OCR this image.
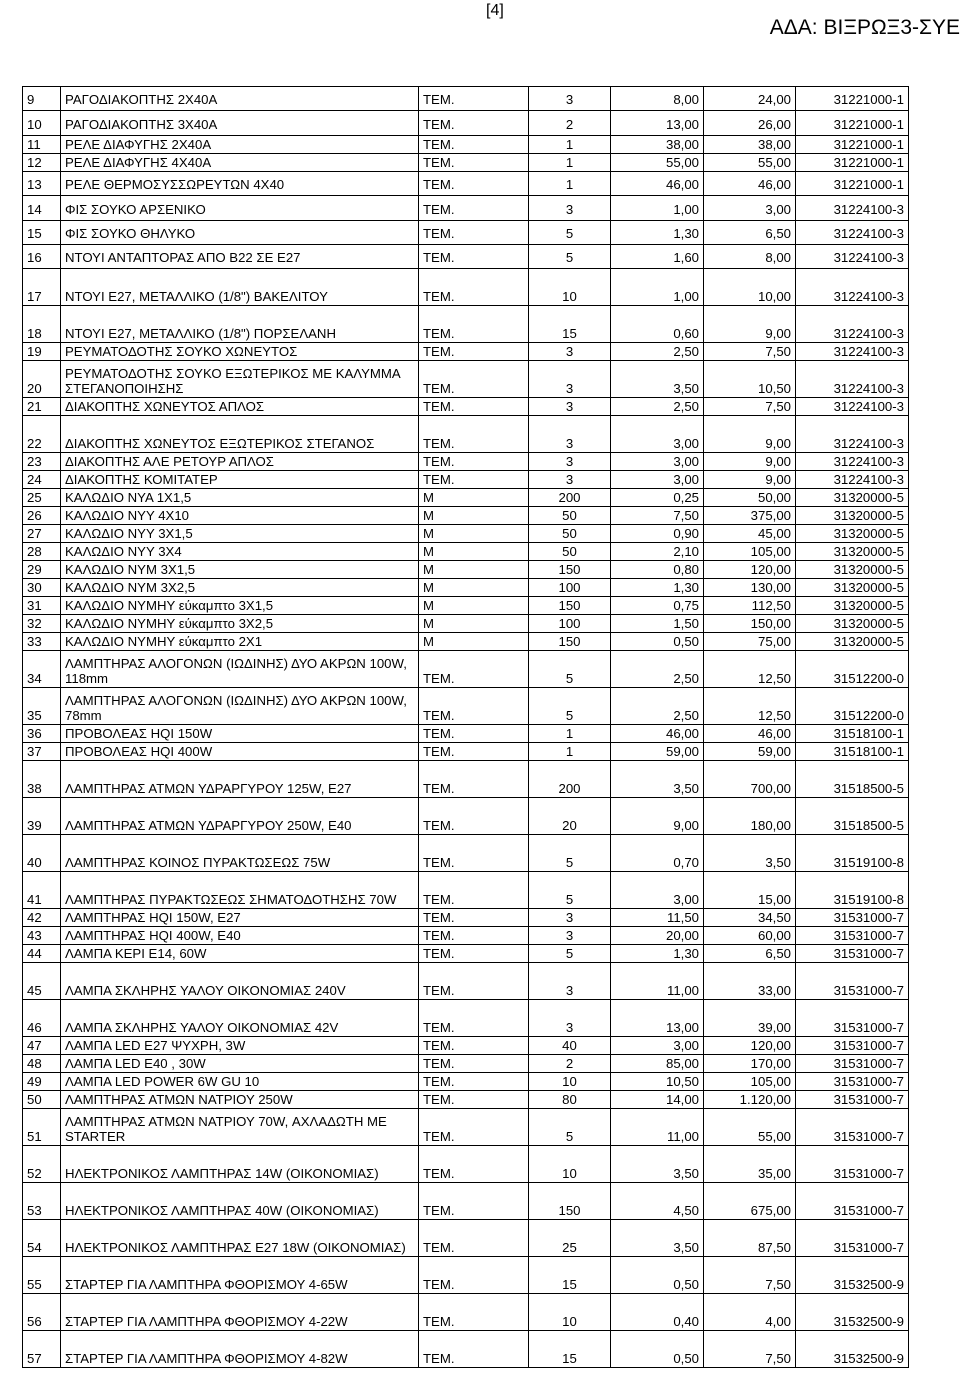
[4]
ΑΔΑ: ΒΙΞΡΩΞ3-ΣΥΕ
9	ΡΑΓΟΔΙΑΚΟΠΤΗΣ 2Χ40Α	ΤΕΜ.	3	8,00	24,00	31221000-1
10	ΡΑΓΟΔΙΑΚΟΠΤΗΣ 3Χ40Α	ΤΕΜ.	2	13,00	26,00	31221000-1
11	ΡΕΛΕ ΔΙΑΦΥΓΗΣ 2Χ40Α	ΤΕΜ.	1	38,00	38,00	31221000-1
12	ΡΕΛΕ ΔΙΑΦΥΓΗΣ 4Χ40Α	ΤΕΜ.	1	55,00	55,00	31221000-1
13	ΡΕΛΕ ΘΕΡΜΟΣΥΣΣΩΡΕΥΤΩΝ 4Χ40	ΤΕΜ.	1	46,00	46,00	31221000-1
14	ΦΙΣ ΣΟΥΚΟ ΑΡΣΕΝΙΚΟ	ΤΕΜ.	3	1,00	3,00	31224100-3
15	ΦΙΣ ΣΟΥΚΟ ΘΗΛΥΚΟ	ΤΕΜ.	5	1,30	6,50	31224100-3
16	ΝΤΟΥΙ ΑΝΤΑΠΤΟΡΑΣ ΑΠΟ Β22 ΣΕ Ε27	ΤΕΜ.	5	1,60	8,00	31224100-3
17	ΝΤΟΥΙ Ε27, ΜΕΤΑΛΛΙΚΟ (1/8") ΒΑΚΕΛΙΤΟΥ	ΤΕΜ.	10	1,00	10,00	31224100-3
18	ΝΤΟΥΙ Ε27, ΜΕΤΑΛΛΙΚΟ (1/8") ΠΟΡΣΕΛΑΝΗ	ΤΕΜ.	15	0,60	9,00	31224100-3
19	ΡΕΥΜΑΤΟΔΟΤΗΣ ΣΟΥΚΟ ΧΩΝΕΥΤΟΣ	ΤΕΜ.	3	2,50	7,50	31224100-3
20	ΡΕΥΜΑΤΟΔΟΤΗΣ ΣΟΥΚΟ ΕΞΩΤΕΡΙΚΟΣ ΜΕ ΚΑΛΥΜΜΑ ΣΤΕΓΑΝΟΠΟΙΗΣΗΣ	ΤΕΜ.	3	3,50	10,50	31224100-3
21	ΔΙΑΚΟΠΤΗΣ ΧΩΝΕΥΤΟΣ ΑΠΛΟΣ	ΤΕΜ.	3	2,50	7,50	31224100-3
22	ΔΙΑΚΟΠΤΗΣ ΧΩΝΕΥΤΟΣ ΕΞΩΤΕΡΙΚΟΣ ΣΤΕΓΑΝΟΣ	ΤΕΜ.	3	3,00	9,00	31224100-3
23	ΔΙΑΚΟΠΤΗΣ ΑΛΕ ΡΕΤΟΥΡ ΑΠΛΟΣ	ΤΕΜ.	3	3,00	9,00	31224100-3
24	ΔΙΑΚΟΠΤΗΣ ΚΟΜΙΤΑΤΕΡ	ΤΕΜ.	3	3,00	9,00	31224100-3
25	ΚΑΛΩΔΙΟ ΝΥΑ 1Χ1,5	Μ	200	0,25	50,00	31320000-5
26	ΚΑΛΩΔΙΟ ΝΥΥ 4Χ10	Μ	50	7,50	375,00	31320000-5
27	ΚΑΛΩΔΙΟ ΝΥΥ 3Χ1,5	Μ	50	0,90	45,00	31320000-5
28	ΚΑΛΩΔΙΟ ΝΥΥ 3Χ4	Μ	50	2,10	105,00	31320000-5
29	ΚΑΛΩΔΙΟ ΝΥΜ 3Χ1,5	Μ	150	0,80	120,00	31320000-5
30	ΚΑΛΩΔΙΟ ΝΥΜ 3Χ2,5	Μ	100	1,30	130,00	31320000-5
31	ΚΑΛΩΔΙΟ ΝΥΜΗΥ εύκαμπτο 3Χ1,5	Μ	150	0,75	112,50	31320000-5
32	ΚΑΛΩΔΙΟ ΝΥΜΗΥ εύκαμπτο 3Χ2,5	Μ	100	1,50	150,00	31320000-5
33	ΚΑΛΩΔΙΟ ΝΥΜΗΥ εύκαμπτο 2Χ1	Μ	150	0,50	75,00	31320000-5
34	ΛΑΜΠΤΗΡΑΣ ΑΛΟΓΟΝΩΝ (ΙΩΔΙΝΗΣ) ΔΥΟ ΑΚΡΩΝ 100W, 118mm	ΤΕΜ.	5	2,50	12,50	31512200-0
35	ΛΑΜΠΤΗΡΑΣ ΑΛΟΓΟΝΩΝ (ΙΩΔΙΝΗΣ) ΔΥΟ ΑΚΡΩΝ 100W, 78mm	ΤΕΜ.	5	2,50	12,50	31512200-0
36	ΠΡΟΒΟΛΕΑΣ HQI 150W	ΤΕΜ.	1	46,00	46,00	31518100-1
37	ΠΡΟΒΟΛΕΑΣ HQI 400W	ΤΕΜ.	1	59,00	59,00	31518100-1
38	ΛΑΜΠΤΗΡΑΣ ΑΤΜΩΝ ΥΔΡΑΡΓΥΡΟΥ 125W, Ε27	ΤΕΜ.	200	3,50	700,00	31518500-5
39	ΛΑΜΠΤΗΡΑΣ ΑΤΜΩΝ ΥΔΡΑΡΓΥΡΟΥ 250W, Ε40	ΤΕΜ.	20	9,00	180,00	31518500-5
40	ΛΑΜΠΤΗΡΑΣ ΚΟΙΝΟΣ ΠΥΡΑΚΤΩΣΕΩΣ 75W	ΤΕΜ.	5	0,70	3,50	31519100-8
41	ΛΑΜΠΤΗΡΑΣ ΠΥΡΑΚΤΩΣΕΩΣ ΣΗΜΑΤΟΔΟΤΗΣΗΣ 70W	ΤΕΜ.	5	3,00	15,00	31519100-8
42	ΛΑΜΠΤΗΡΑΣ HQI 150W, Ε27	ΤΕΜ.	3	11,50	34,50	31531000-7
43	ΛΑΜΠΤΗΡΑΣ HQI 400W, Ε40	ΤΕΜ.	3	20,00	60,00	31531000-7
44	ΛΑΜΠΑ ΚΕΡΙ Ε14, 60W	ΤΕΜ.	5	1,30	6,50	31531000-7
45	ΛΑΜΠΑ ΣΚΛΗΡΗΣ ΥΑΛΟΥ ΟΙΚΟΝΟΜΙΑΣ 240V	ΤΕΜ.	3	11,00	33,00	31531000-7
46	ΛΑΜΠΑ ΣΚΛΗΡΗΣ ΥΑΛΟΥ ΟΙΚΟΝΟΜΙΑΣ 42V	ΤΕΜ.	3	13,00	39,00	31531000-7
47	ΛΑΜΠΑ LED Ε27 ΨΥΧΡΗ, 3W	ΤΕΜ.	40	3,00	120,00	31531000-7
48	ΛΑΜΠΑ LED Ε40 , 30W	ΤΕΜ.	2	85,00	170,00	31531000-7
49	ΛΑΜΠΑ LED POWER 6W GU 10	ΤΕΜ.	10	10,50	105,00	31531000-7
50	ΛΑΜΠΤΗΡΑΣ ΑΤΜΩΝ ΝΑΤΡΙΟΥ 250W	ΤΕΜ.	80	14,00	1.120,00	31531000-7
51	ΛΑΜΠΤΗΡΑΣ ΑΤΜΩΝ ΝΑΤΡΙΟΥ 70W, ΑΧΛΑΔΩΤΗ ΜΕ STARTER	ΤΕΜ.	5	11,00	55,00	31531000-7
52	ΗΛΕΚΤΡΟΝΙΚΟΣ ΛΑΜΠΤΗΡΑΣ 14W (ΟΙΚΟΝΟΜΙΑΣ)	ΤΕΜ.	10	3,50	35,00	31531000-7
53	ΗΛΕΚΤΡΟΝΙΚΟΣ ΛΑΜΠΤΗΡΑΣ 40W (ΟΙΚΟΝΟΜΙΑΣ)	ΤΕΜ.	150	4,50	675,00	31531000-7
54	ΗΛΕΚΤΡΟΝΙΚΟΣ ΛΑΜΠΤΗΡΑΣ Ε27 18W (ΟΙΚΟΝΟΜΙΑΣ)	ΤΕΜ.	25	3,50	87,50	31531000-7
55	ΣΤΑΡΤΕΡ ΓΙΑ ΛΑΜΠΤΗΡΑ ΦΘΟΡΙΣΜΟΥ 4-65W	ΤΕΜ.	15	0,50	7,50	31532500-9
56	ΣΤΑΡΤΕΡ ΓΙΑ ΛΑΜΠΤΗΡΑ ΦΘΟΡΙΣΜΟΥ 4-22W	ΤΕΜ.	10	0,40	4,00	31532500-9
57	ΣΤΑΡΤΕΡ ΓΙΑ ΛΑΜΠΤΗΡΑ ΦΘΟΡΙΣΜΟΥ 4-82W	ΤΕΜ.	15	0,50	7,50	31532500-9
